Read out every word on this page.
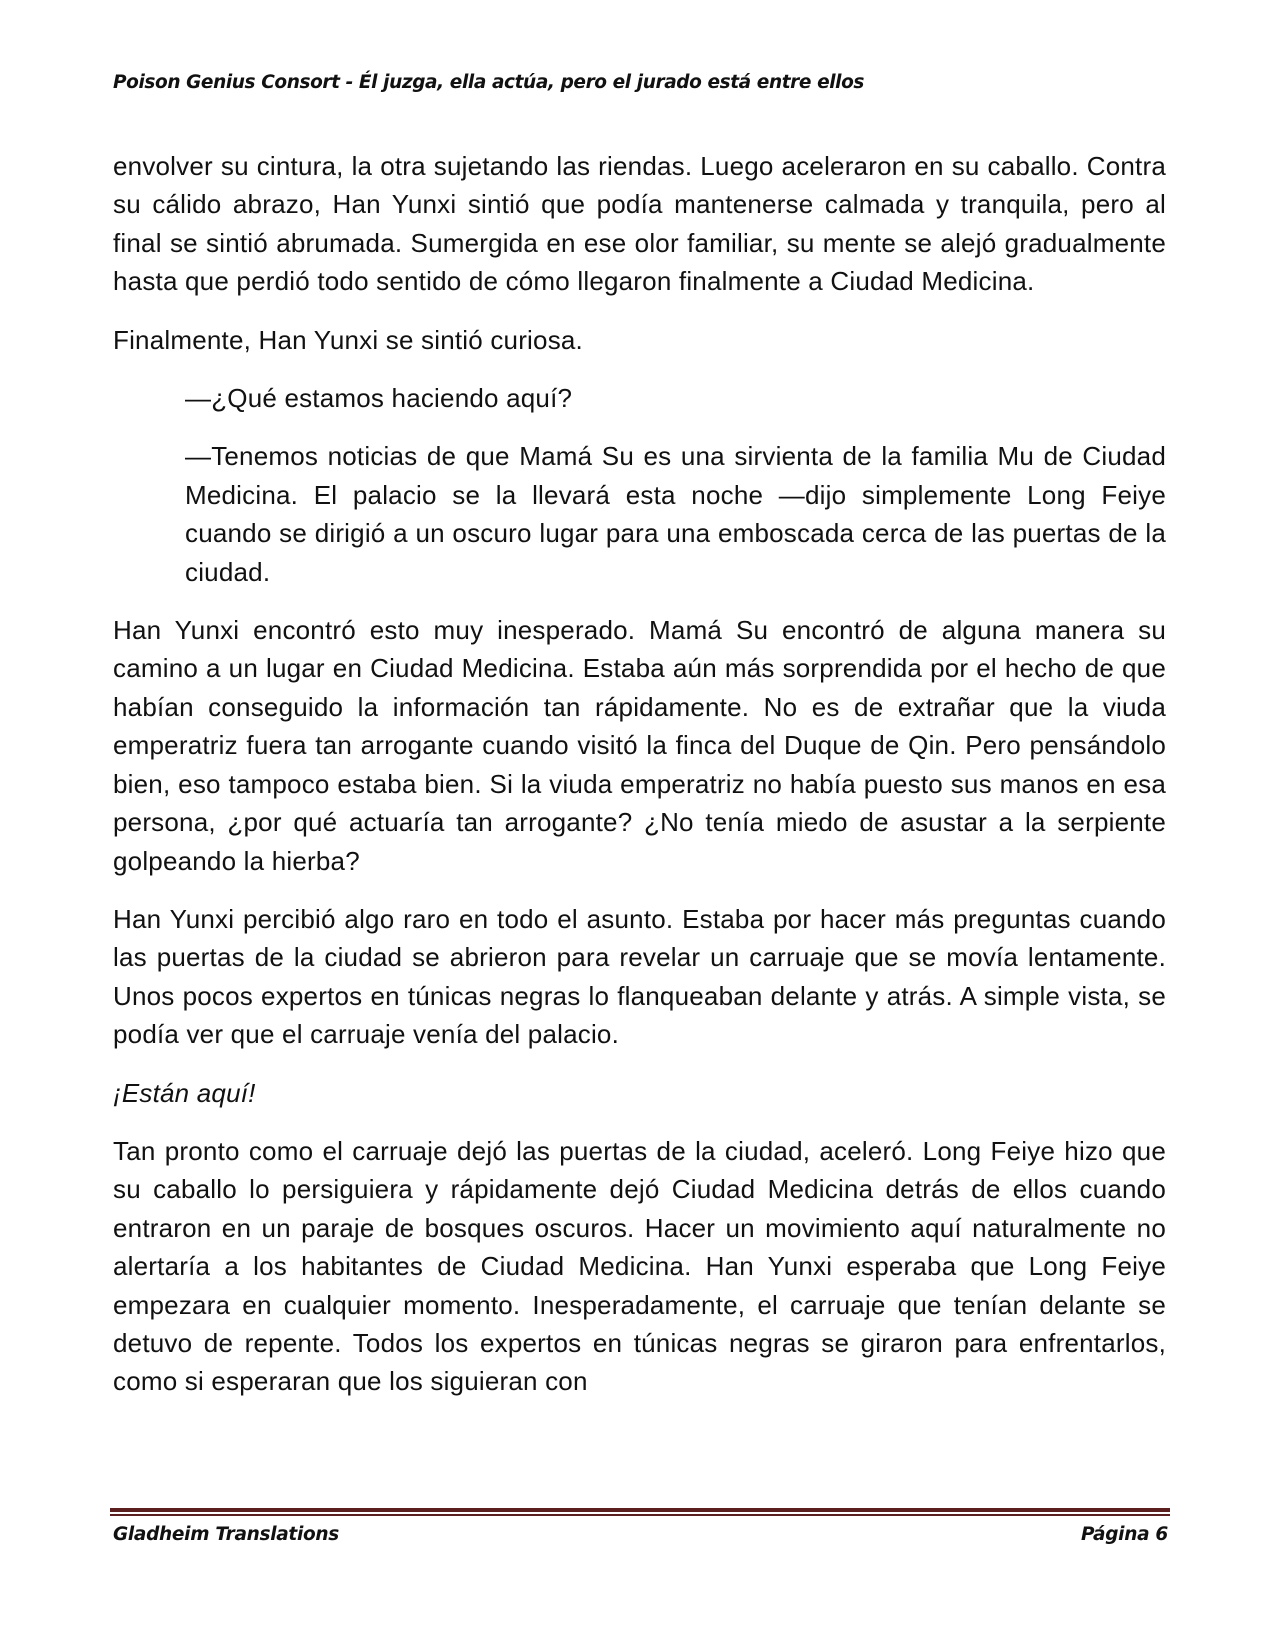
Poison Genius Consort - Él juzga, ella actúa, pero el jurado está entre ellos

envolver su cintura, la otra sujetando las riendas. Luego aceleraron en su caballo. Contra su cálido abrazo, Han Yunxi sintió que podía mantenerse calmada y tranquila, pero al final se sintió abrumada. Sumergida en ese olor familiar, su mente se alejó gradualmente hasta que perdió todo sentido de cómo llegaron finalmente a Ciudad Medicina.

Finalmente, Han Yunxi se sintió curiosa.

—¿Qué estamos haciendo aquí?

—Tenemos noticias de que Mamá Su es una sirvienta de la familia Mu de Ciudad Medicina. El palacio se la llevará esta noche —dijo simplemente Long Feiye cuando se dirigió a un oscuro lugar para una emboscada cerca de las puertas de la ciudad.

Han Yunxi encontró esto muy inesperado. Mamá Su encontró de alguna manera su camino a un lugar en Ciudad Medicina. Estaba aún más sorprendida por el hecho de que habían conseguido la información tan rápidamente. No es de extrañar que la viuda emperatriz fuera tan arrogante cuando visitó la finca del Duque de Qin. Pero pensándolo bien, eso tampoco estaba bien. Si la viuda emperatriz no había puesto sus manos en esa persona, ¿por qué actuaría tan arrogante? ¿No tenía miedo de asustar a la serpiente golpeando la hierba?

Han Yunxi percibió algo raro en todo el asunto. Estaba por hacer más preguntas cuando las puertas de la ciudad se abrieron para revelar un carruaje que se movía lentamente. Unos pocos expertos en túnicas negras lo flanqueaban delante y atrás. A simple vista, se podía ver que el carruaje venía del palacio.

¡Están aquí!

Tan pronto como el carruaje dejó las puertas de la ciudad, aceleró. Long Feiye hizo que su caballo lo persiguiera y rápidamente dejó Ciudad Medicina detrás de ellos cuando entraron en un paraje de bosques oscuros. Hacer un movimiento aquí naturalmente no alertaría a los habitantes de Ciudad Medicina. Han Yunxi esperaba que Long Feiye empezara en cualquier momento. Inesperadamente, el carruaje que tenían delante se detuvo de repente. Todos los expertos en túnicas negras se giraron para enfrentarlos, como si esperaran que los siguieran con

Gladheim Translations	Página 6
